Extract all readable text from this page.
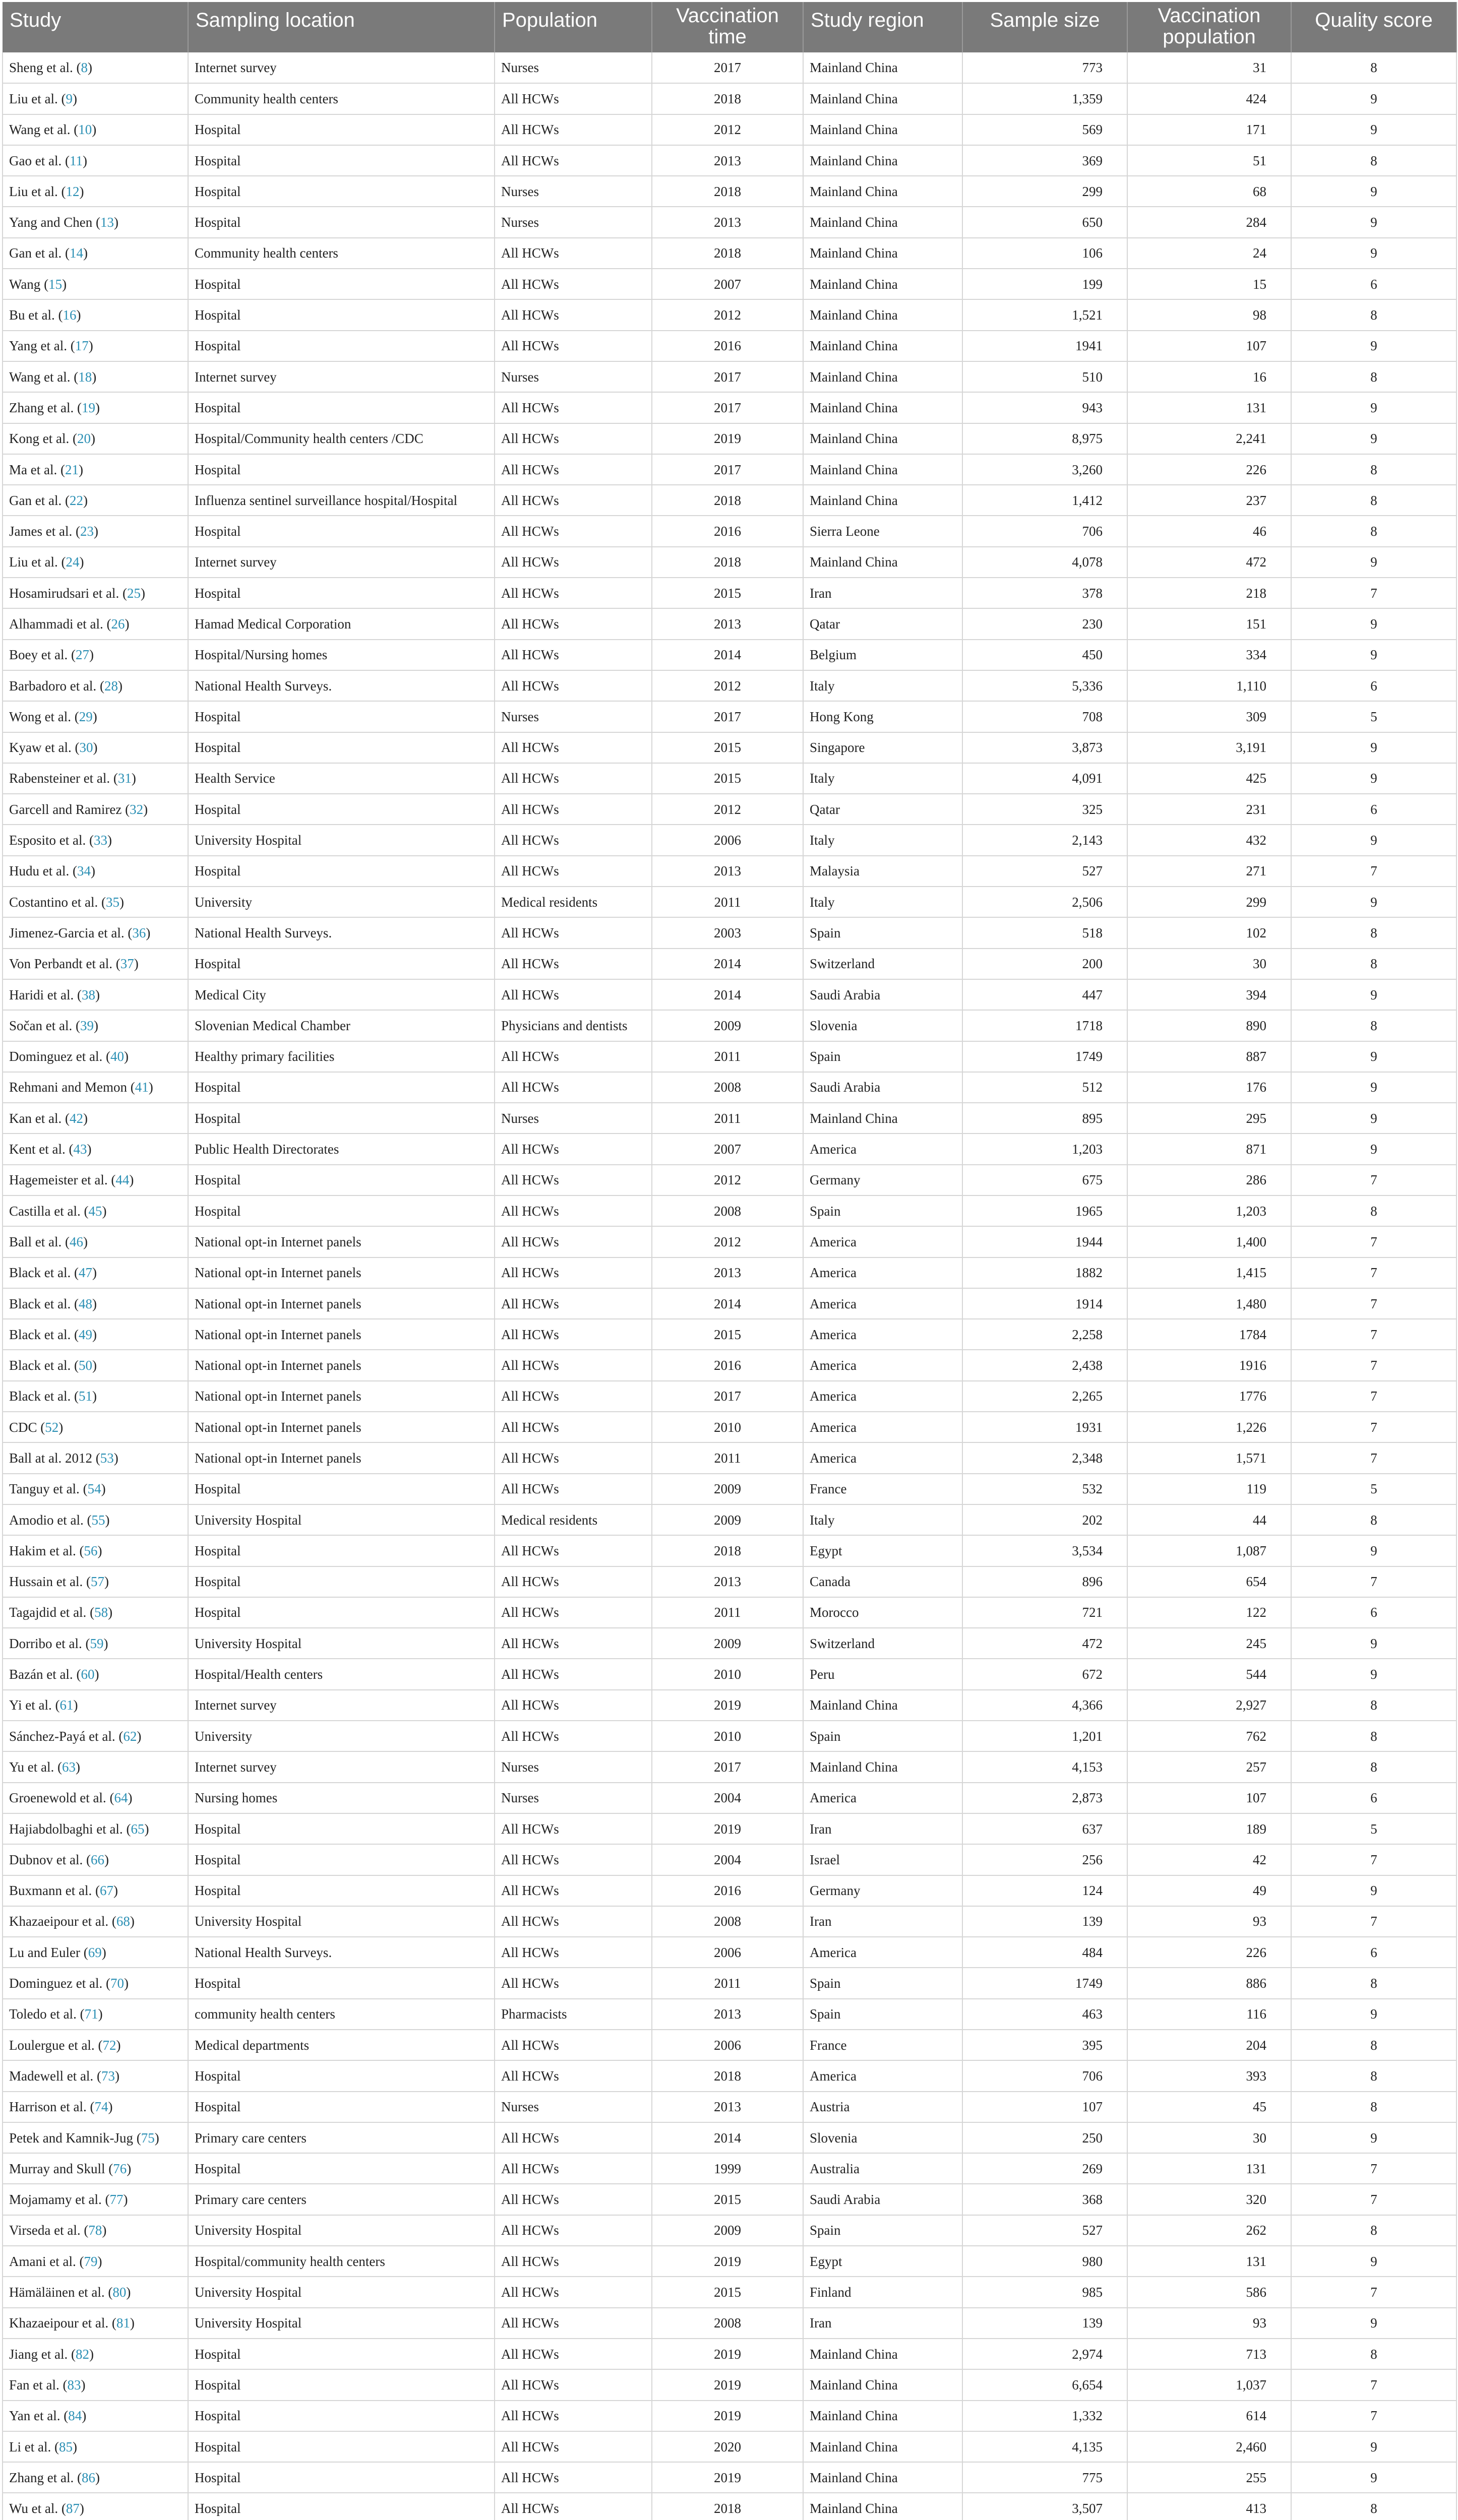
Study	Sampling location	Population	Vaccination time	Study region	Sample size	Vaccination population	Quality score
Sheng et al. (8)	Internet survey	Nurses	2017	Mainland China	773	31	8
Liu et al. (9)	Community health centers	All HCWs	2018	Mainland China	1,359	424	9
Wang et al. (10)	Hospital	All HCWs	2012	Mainland China	569	171	9
Gao et al. (11)	Hospital	All HCWs	2013	Mainland China	369	51	8
Liu et al. (12)	Hospital	Nurses	2018	Mainland China	299	68	9
Yang and Chen (13)	Hospital	Nurses	2013	Mainland China	650	284	9
Gan et al. (14)	Community health centers	All HCWs	2018	Mainland China	106	24	9
Wang (15)	Hospital	All HCWs	2007	Mainland China	199	15	6
Bu et al. (16)	Hospital	All HCWs	2012	Mainland China	1,521	98	8
Yang et al. (17)	Hospital	All HCWs	2016	Mainland China	1941	107	9
Wang et al. (18)	Internet survey	Nurses	2017	Mainland China	510	16	8
Zhang et al. (19)	Hospital	All HCWs	2017	Mainland China	943	131	9
Kong et al. (20)	Hospital/Community health centers /CDC	All HCWs	2019	Mainland China	8,975	2,241	9
Ma et al. (21)	Hospital	All HCWs	2017	Mainland China	3,260	226	8
Gan et al. (22)	Influenza sentinel surveillance hospital/Hospital	All HCWs	2018	Mainland China	1,412	237	8
James et al. (23)	Hospital	All HCWs	2016	Sierra Leone	706	46	8
Liu et al. (24)	Internet survey	All HCWs	2018	Mainland China	4,078	472	9
Hosamirudsari et al. (25)	Hospital	All HCWs	2015	Iran	378	218	7
Alhammadi et al. (26)	Hamad Medical Corporation	All HCWs	2013	Qatar	230	151	9
Boey et al. (27)	Hospital/Nursing homes	All HCWs	2014	Belgium	450	334	9
Barbadoro et al. (28)	National Health Surveys.	All HCWs	2012	Italy	5,336	1,110	6
Wong et al. (29)	Hospital	Nurses	2017	Hong Kong	708	309	5
Kyaw et al. (30)	Hospital	All HCWs	2015	Singapore	3,873	3,191	9
Rabensteiner et al. (31)	Health Service	All HCWs	2015	Italy	4,091	425	9
Garcell and Ramirez (32)	Hospital	All HCWs	2012	Qatar	325	231	6
Esposito et al. (33)	University Hospital	All HCWs	2006	Italy	2,143	432	9
Hudu et al. (34)	Hospital	All HCWs	2013	Malaysia	527	271	7
Costantino et al. (35)	University	Medical residents	2011	Italy	2,506	299	9
Jimenez-Garcia et al. (36)	National Health Surveys.	All HCWs	2003	Spain	518	102	8
Von Perbandt et al. (37)	Hospital	All HCWs	2014	Switzerland	200	30	8
Haridi et al. (38)	Medical City	All HCWs	2014	Saudi Arabia	447	394	9
Sočan et al. (39)	Slovenian Medical Chamber	Physicians and dentists	2009	Slovenia	1718	890	8
Dominguez et al. (40)	Healthy primary facilities	All HCWs	2011	Spain	1749	887	9
Rehmani and Memon (41)	Hospital	All HCWs	2008	Saudi Arabia	512	176	9
Kan et al. (42)	Hospital	Nurses	2011	Mainland China	895	295	9
Kent et al. (43)	Public Health Directorates	All HCWs	2007	America	1,203	871	9
Hagemeister et al. (44)	Hospital	All HCWs	2012	Germany	675	286	7
Castilla et al. (45)	Hospital	All HCWs	2008	Spain	1965	1,203	8
Ball et al. (46)	National opt-in Internet panels	All HCWs	2012	America	1944	1,400	7
Black et al. (47)	National opt-in Internet panels	All HCWs	2013	America	1882	1,415	7
Black et al. (48)	National opt-in Internet panels	All HCWs	2014	America	1914	1,480	7
Black et al. (49)	National opt-in Internet panels	All HCWs	2015	America	2,258	1784	7
Black et al. (50)	National opt-in Internet panels	All HCWs	2016	America	2,438	1916	7
Black et al. (51)	National opt-in Internet panels	All HCWs	2017	America	2,265	1776	7
CDC (52)	National opt-in Internet panels	All HCWs	2010	America	1931	1,226	7
Ball at al. 2012 (53)	National opt-in Internet panels	All HCWs	2011	America	2,348	1,571	7
Tanguy et al. (54)	Hospital	All HCWs	2009	France	532	119	5
Amodio et al. (55)	University Hospital	Medical residents	2009	Italy	202	44	8
Hakim et al. (56)	Hospital	All HCWs	2018	Egypt	3,534	1,087	9
Hussain et al. (57)	Hospital	All HCWs	2013	Canada	896	654	7
Tagajdid et al. (58)	Hospital	All HCWs	2011	Morocco	721	122	6
Dorribo et al. (59)	University Hospital	All HCWs	2009	Switzerland	472	245	9
Bazán et al. (60)	Hospital/Health centers	All HCWs	2010	Peru	672	544	9
Yi et al. (61)	Internet survey	All HCWs	2019	Mainland China	4,366	2,927	8
Sánchez-Payá et al. (62)	University	All HCWs	2010	Spain	1,201	762	8
Yu et al. (63)	Internet survey	Nurses	2017	Mainland China	4,153	257	8
Groenewold et al. (64)	Nursing homes	Nurses	2004	America	2,873	107	6
Hajiabdolbaghi et al. (65)	Hospital	All HCWs	2019	Iran	637	189	5
Dubnov et al. (66)	Hospital	All HCWs	2004	Israel	256	42	7
Buxmann et al. (67)	Hospital	All HCWs	2016	Germany	124	49	9
Khazaeipour et al. (68)	University Hospital	All HCWs	2008	Iran	139	93	7
Lu and Euler (69)	National Health Surveys.	All HCWs	2006	America	484	226	6
Dominguez et al. (70)	Hospital	All HCWs	2011	Spain	1749	886	8
Toledo et al. (71)	community health centers	Pharmacists	2013	Spain	463	116	9
Loulergue et al. (72)	Medical departments	All HCWs	2006	France	395	204	8
Madewell et al. (73)	Hospital	All HCWs	2018	America	706	393	8
Harrison et al. (74)	Hospital	Nurses	2013	Austria	107	45	8
Petek and Kamnik-Jug (75)	Primary care centers	All HCWs	2014	Slovenia	250	30	9
Murray and Skull (76)	Hospital	All HCWs	1999	Australia	269	131	7
Mojamamy et al. (77)	Primary care centers	All HCWs	2015	Saudi Arabia	368	320	7
Virseda et al. (78)	University Hospital	All HCWs	2009	Spain	527	262	8
Amani et al. (79)	Hospital/community health centers	All HCWs	2019	Egypt	980	131	9
Hämäläinen et al. (80)	University Hospital	All HCWs	2015	Finland	985	586	7
Khazaeipour et al. (81)	University Hospital	All HCWs	2008	Iran	139	93	9
Jiang et al. (82)	Hospital	All HCWs	2019	Mainland China	2,974	713	8
Fan et al. (83)	Hospital	All HCWs	2019	Mainland China	6,654	1,037	7
Yan et al. (84)	Hospital	All HCWs	2019	Mainland China	1,332	614	7
Li et al. (85)	Hospital	All HCWs	2020	Mainland China	4,135	2,460	9
Zhang et al. (86)	Hospital	All HCWs	2019	Mainland China	775	255	9
Wu et al. (87)	Hospital	All HCWs	2018	Mainland China	3,507	413	8
